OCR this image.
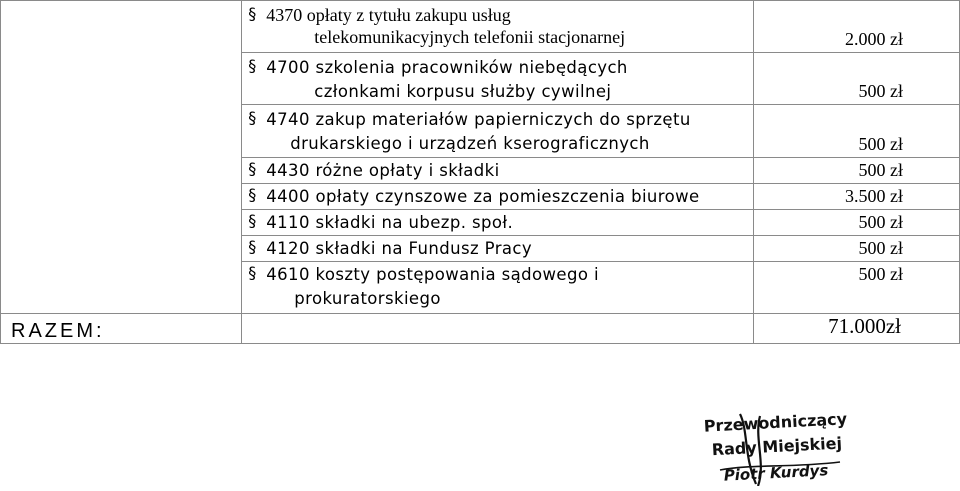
	§ 4370 opłaty z tytułu zakupu usług
telekomunikacyjnych telefonii stacjonarnej	2.000 zł

	§ 4700 szkolenia pracowników niebędących
członkami korpusu służby cywilnej	500 zł

	§ 4740 zakup materiałów papierniczych do sprzętu
drukarskiego i urządzeń kserograficznych	500 zł

	§ 4430 różne opłaty i składki	500 zł

	§ 4400 opłaty czynszowe za pomieszczenia biurowe	3.500 zł

	§ 4110 składki na ubezp. społ.	500 zł

	§ 4120 składki na Fundusz Pracy	500 zł

	§ 4610 koszty postępowania sądowego i
prokuratorskiego	500 zł
RAZEM:		71.000zł
Przewodniczący
Rady Miejskiej
Piotr Kurdys
